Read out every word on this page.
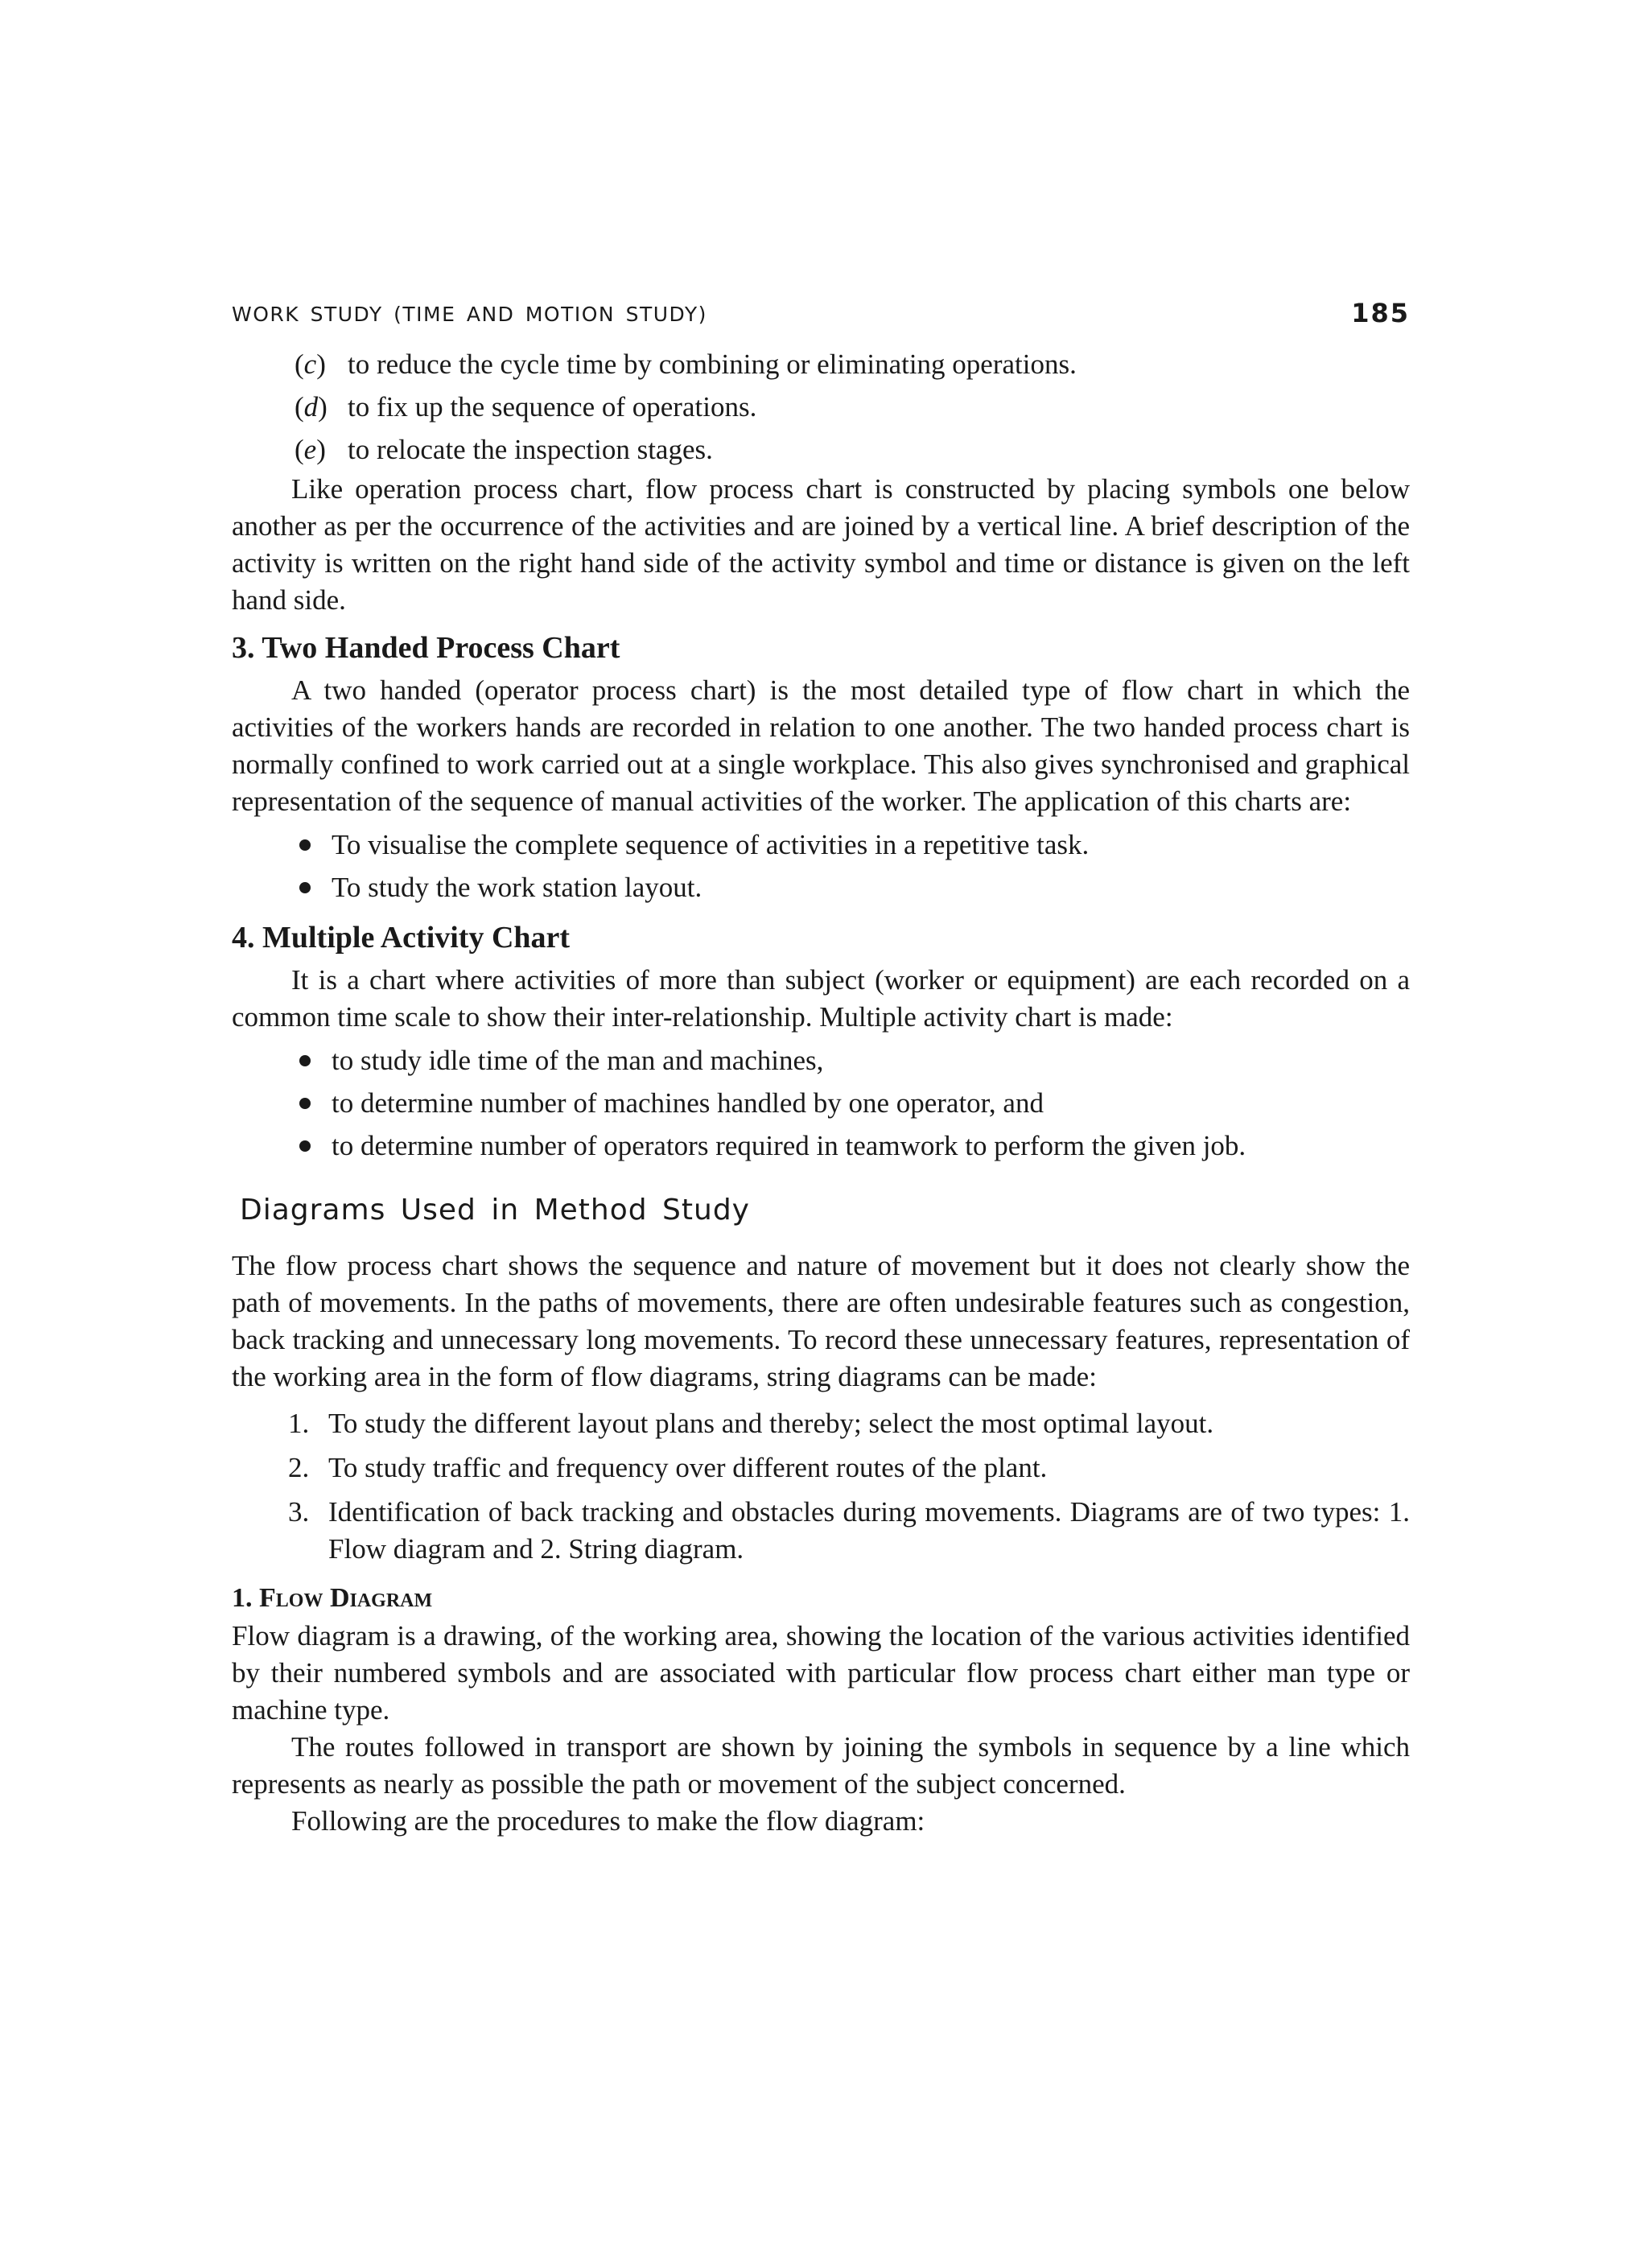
WORK STUDY (TIME AND MOTION STUDY)	185
(c) to reduce the cycle time by combining or eliminating operations.
(d) to fix up the sequence of operations.
(e) to relocate the inspection stages.

Like operation process chart, flow process chart is constructed by placing symbols one below another as per the occurrence of the activities and are joined by a vertical line. A brief description of the activity is written on the right hand side of the activity symbol and time or distance is given on the left hand side.

3. Two Handed Process Chart

A two handed (operator process chart) is the most detailed type of flow chart in which the activities of the workers hands are recorded in relation to one another. The two handed process chart is normally confined to work carried out at a single workplace. This also gives synchronised and graphical representation of the sequence of manual activities of the worker. The application of this charts are:

To visualise the complete sequence of activities in a repetitive task.
To study the work station layout.
4. Multiple Activity Chart

It is a chart where activities of more than subject (worker or equipment) are each recorded on a common time scale to show their inter-relationship. Multiple activity chart is made:

to study idle time of the man and machines,
to determine number of machines handled by one operator, and
to determine number of operators required in teamwork to perform the given job.
Diagrams Used in Method Study

The flow process chart shows the sequence and nature of movement but it does not clearly show the path of movements. In the paths of movements, there are often undesirable features such as congestion, back tracking and unnecessary long movements. To record these unnecessary features, representation of the working area in the form of flow diagrams, string diagrams can be made:

1. To study the different layout plans and thereby; select the most optimal layout.
2. To study traffic and frequency over different routes of the plant.
3. Identification of back tracking and obstacles during movements. Diagrams are of two types: 1. Flow diagram and 2. String diagram.
1. Flow Diagram

Flow diagram is a drawing, of the working area, showing the location of the various activities identified by their numbered symbols and are associated with particular flow process chart either man type or machine type.

The routes followed in transport are shown by joining the symbols in sequence by a line which represents as nearly as possible the path or movement of the subject concerned.

Following are the procedures to make the flow diagram:
